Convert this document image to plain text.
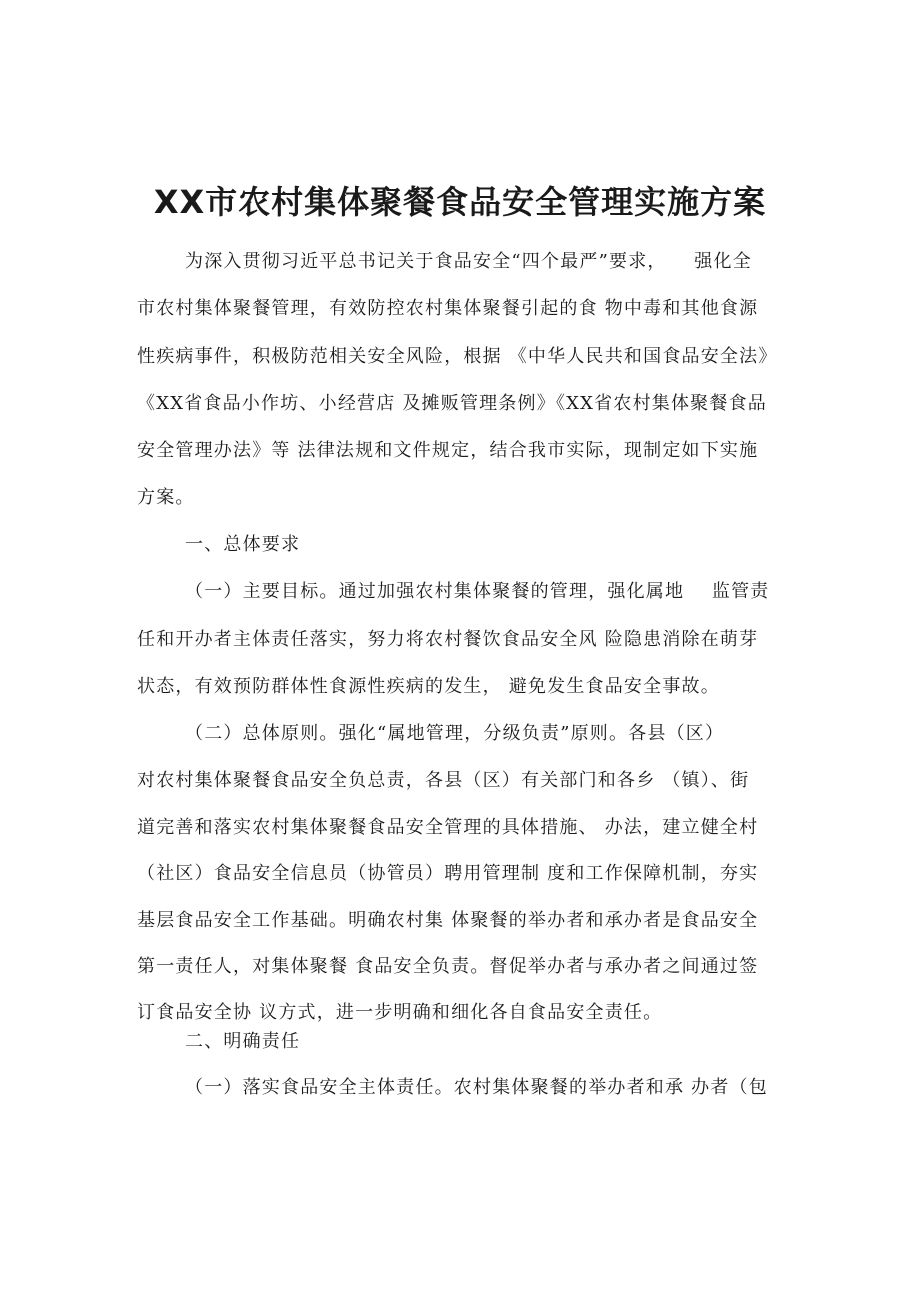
XX市农村集体聚餐食品安全管理实施方案
为深入贯彻习近平总书记关于食品安全“四个最严”要求，    强化全
市农村集体聚餐管理，有效防控农村集体聚餐引起的食 物中毒和其他食源
性疾病事件，积极防范相关安全风险，根据 《中华人民共和国食品安全法》
《XX省食品小作坊、小经营店 及摊贩管理条例》《XX省农村集体聚餐食品
安全管理办法》等 法律法规和文件规定，结合我市实际，现制定如下实施
方案。
一、总体要求
（一）主要目标。通过加强农村集体聚餐的管理，强化属地    监管责
任和开办者主体责任落实，努力将农村餐饮食品安全风 险隐患消除在萌芽
状态，有效预防群体性食源性疾病的发生， 避免发生食品安全事故。
（二）总体原则。强化“属地管理，分级负责”原则。各县（区）
对农村集体聚餐食品安全负总责，各县（区）有关部门和各乡 （镇）、街
道完善和落实农村集体聚餐食品安全管理的具体措施、 办法，建立健全村
（社区）食品安全信息员（协管员）聘用管理制 度和工作保障机制，夯实
基层食品安全工作基础。明确农村集 体聚餐的举办者和承办者是食品安全
第一责任人，对集体聚餐 食品安全负责。督促举办者与承办者之间通过签
订食品安全协 议方式，进一步明确和细化各自食品安全责任。
二、明确责任
（一）落实食品安全主体责任。农村集体聚餐的举办者和承 办者（包
